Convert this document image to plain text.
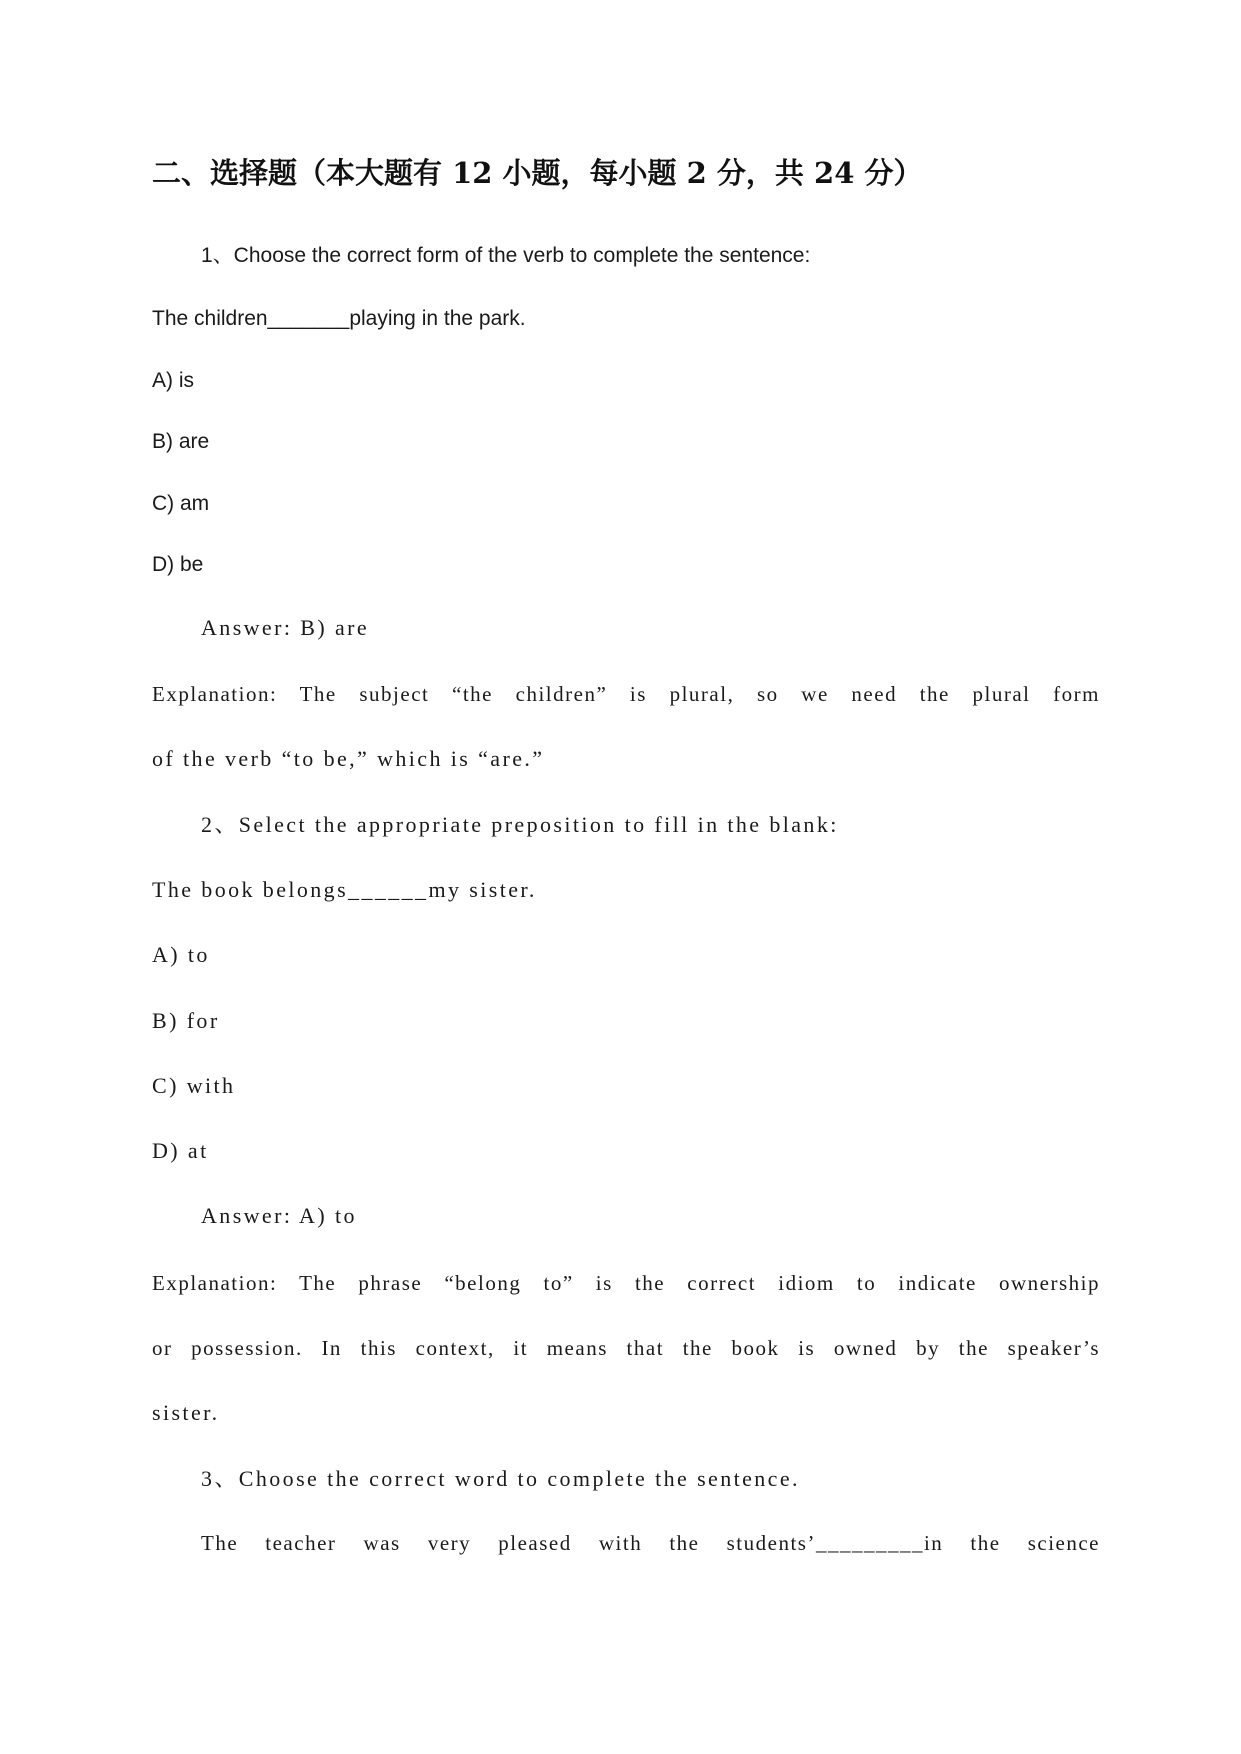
二、选择题（本大题有 12 小题，每小题 2 分，共 24 分）
1、Choose the correct form of the verb to complete the sentence:
The children_______playing in the park.
A) is
B) are
C) am
D) be
Answer: B) are
Explanation: The subject “the children” is plural, so we need the plural form
of the verb “to be,” which is “are.”
2、Select the appropriate preposition to fill in the blank:
The book belongs______my sister.
A) to
B) for
C) with
D) at
Answer: A) to
Explanation: The phrase “belong to” is the correct idiom to indicate ownership
or possession. In this context, it means that the book is owned by the speaker’s
sister.
3、Choose the correct word to complete the sentence.
The teacher was very pleased with the students’_________in the science
